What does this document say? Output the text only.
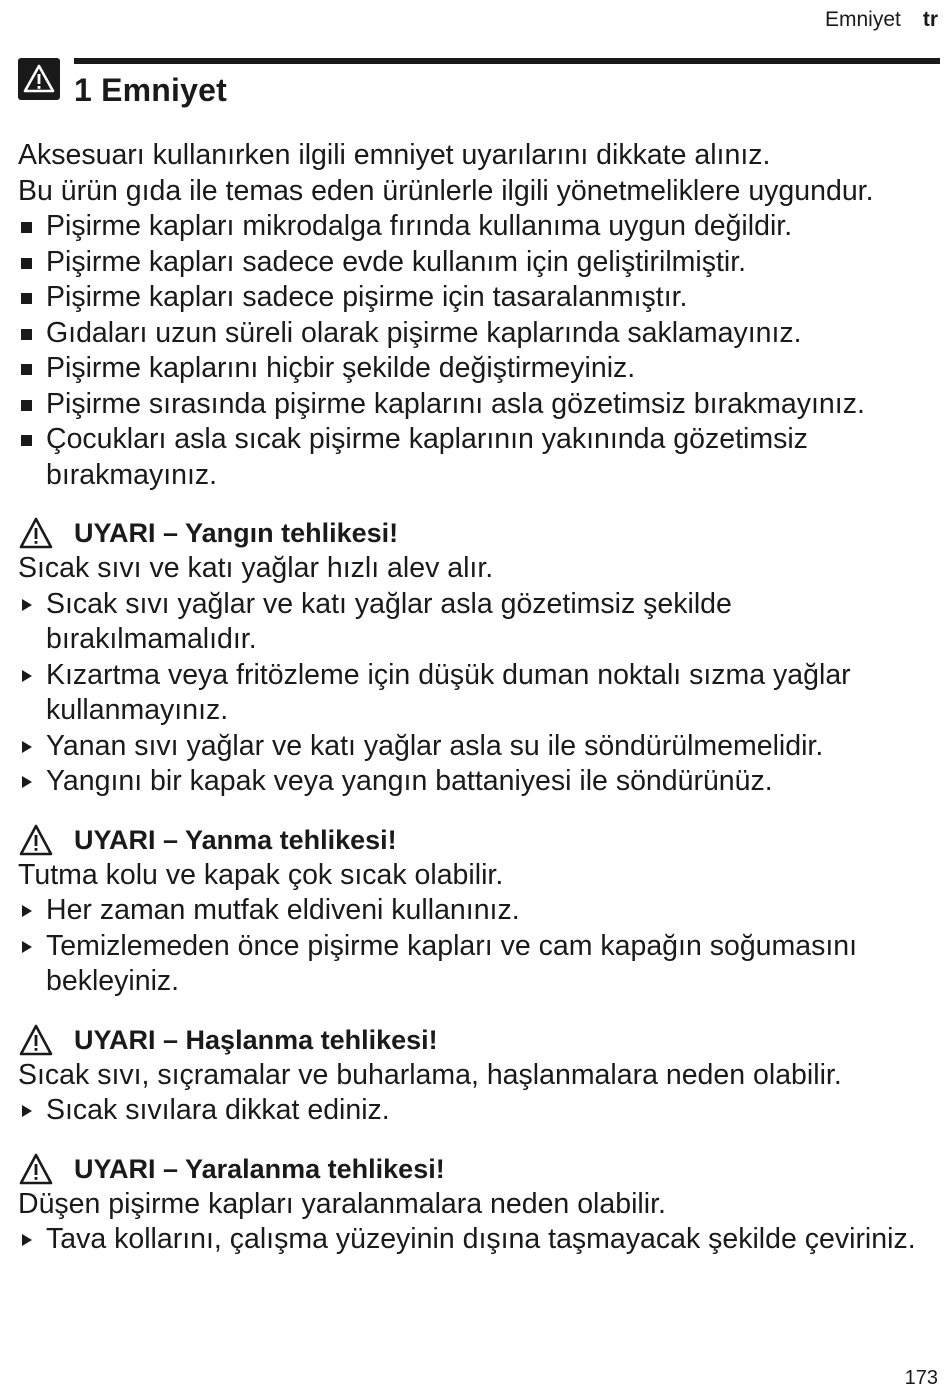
Emniyet tr
1 Emniyet

Aksesuarı kullanırken ilgili emniyet uyarılarını dikkate alınız.

Bu ürün gıda ile temas eden ürünlerle ilgili yönetmeliklere uygundur.

Pişirme kapları mikrodalga fırında kullanıma uygun değildir.
Pişirme kapları sadece evde kullanım için geliştirilmiştir.
Pişirme kapları sadece pişirme için tasaralanmıştır.
Gıdaları uzun süreli olarak pişirme kaplarında saklamayınız.
Pişirme kaplarını hiçbir şekilde değiştirmeyiniz.
Pişirme sırasında pişirme kaplarını asla gözetimsiz bırakmayınız.
Çocukları asla sıcak pişirme kaplarının yakınında gözetimsiz bırakmayınız.
UYARI – Yangın tehlikesi!

Sıcak sıvı ve katı yağlar hızlı alev alır.

Sıcak sıvı yağlar ve katı yağlar asla gözetimsiz şekilde bırakılmamalıdır.
Kızartma veya fritözleme için düşük duman noktalı sızma yağlar kullanmayınız.
Yanan sıvı yağlar ve katı yağlar asla su ile söndürülmemelidir.
Yangını bir kapak veya yangın battaniyesi ile söndürünüz.
UYARI – Yanma tehlikesi!

Tutma kolu ve kapak çok sıcak olabilir.

Her zaman mutfak eldiveni kullanınız.
Temizlemeden önce pişirme kapları ve cam kapağın soğumasını bekleyiniz.
UYARI – Haşlanma tehlikesi!

Sıcak sıvı, sıçramalar ve buharlama, haşlanmalara neden olabilir.

Sıcak sıvılara dikkat ediniz.
UYARI – Yaralanma tehlikesi!

Düşen pişirme kapları yaralanmalara neden olabilir.

Tava kollarını, çalışma yüzeyinin dışına taşmayacak şekilde çeviriniz.
173
